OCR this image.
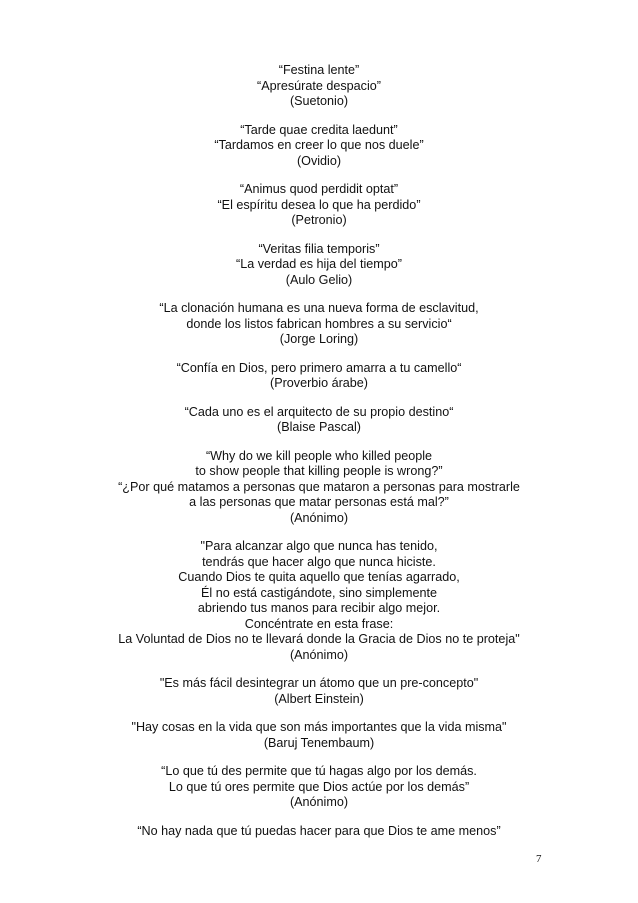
“Festina lente”
“Apresúrate despacio”
(Suetonio)
“Tarde quae credita laedunt”
“Tardamos en creer lo que nos duele”
(Ovidio)
“Animus quod perdidit optat”
“El espíritu desea lo que ha perdido”
(Petronio)
“Veritas filia temporis”
“La verdad es hija del tiempo”
(Aulo Gelio)
“La clonación humana es una nueva forma de esclavitud,
donde los listos fabrican hombres a su servicio“
(Jorge Loring)
“Confía en Dios, pero primero amarra a tu camello“
(Proverbio árabe)
“Cada uno es el arquitecto de su propio destino“
(Blaise Pascal)
“Why do we kill people who killed people
to show people that killing people is wrong?”
“¿Por qué matamos a personas que mataron a personas para mostrarle
a las personas que matar personas está mal?”
(Anónimo)
"Para alcanzar algo que nunca has tenido,
tendrás que hacer algo que nunca hiciste.
Cuando Dios te quita aquello que tenías agarrado,
Él no está castigándote, sino simplemente
abriendo tus manos para recibir algo mejor.
Concéntrate en esta frase:
La Voluntad de Dios no te llevará donde la Gracia de Dios no te proteja"
(Anónimo)
"Es más fácil desintegrar un átomo que un pre-concepto"
(Albert Einstein)
"Hay cosas en la vida que son más importantes que la vida misma"
(Baruj Tenembaum)
“Lo que tú des permite que tú hagas algo por los demás.
Lo que tú ores permite que Dios actúe por los demás”
(Anónimo)
“No hay nada que tú puedas hacer para que Dios te ame menos”
7
